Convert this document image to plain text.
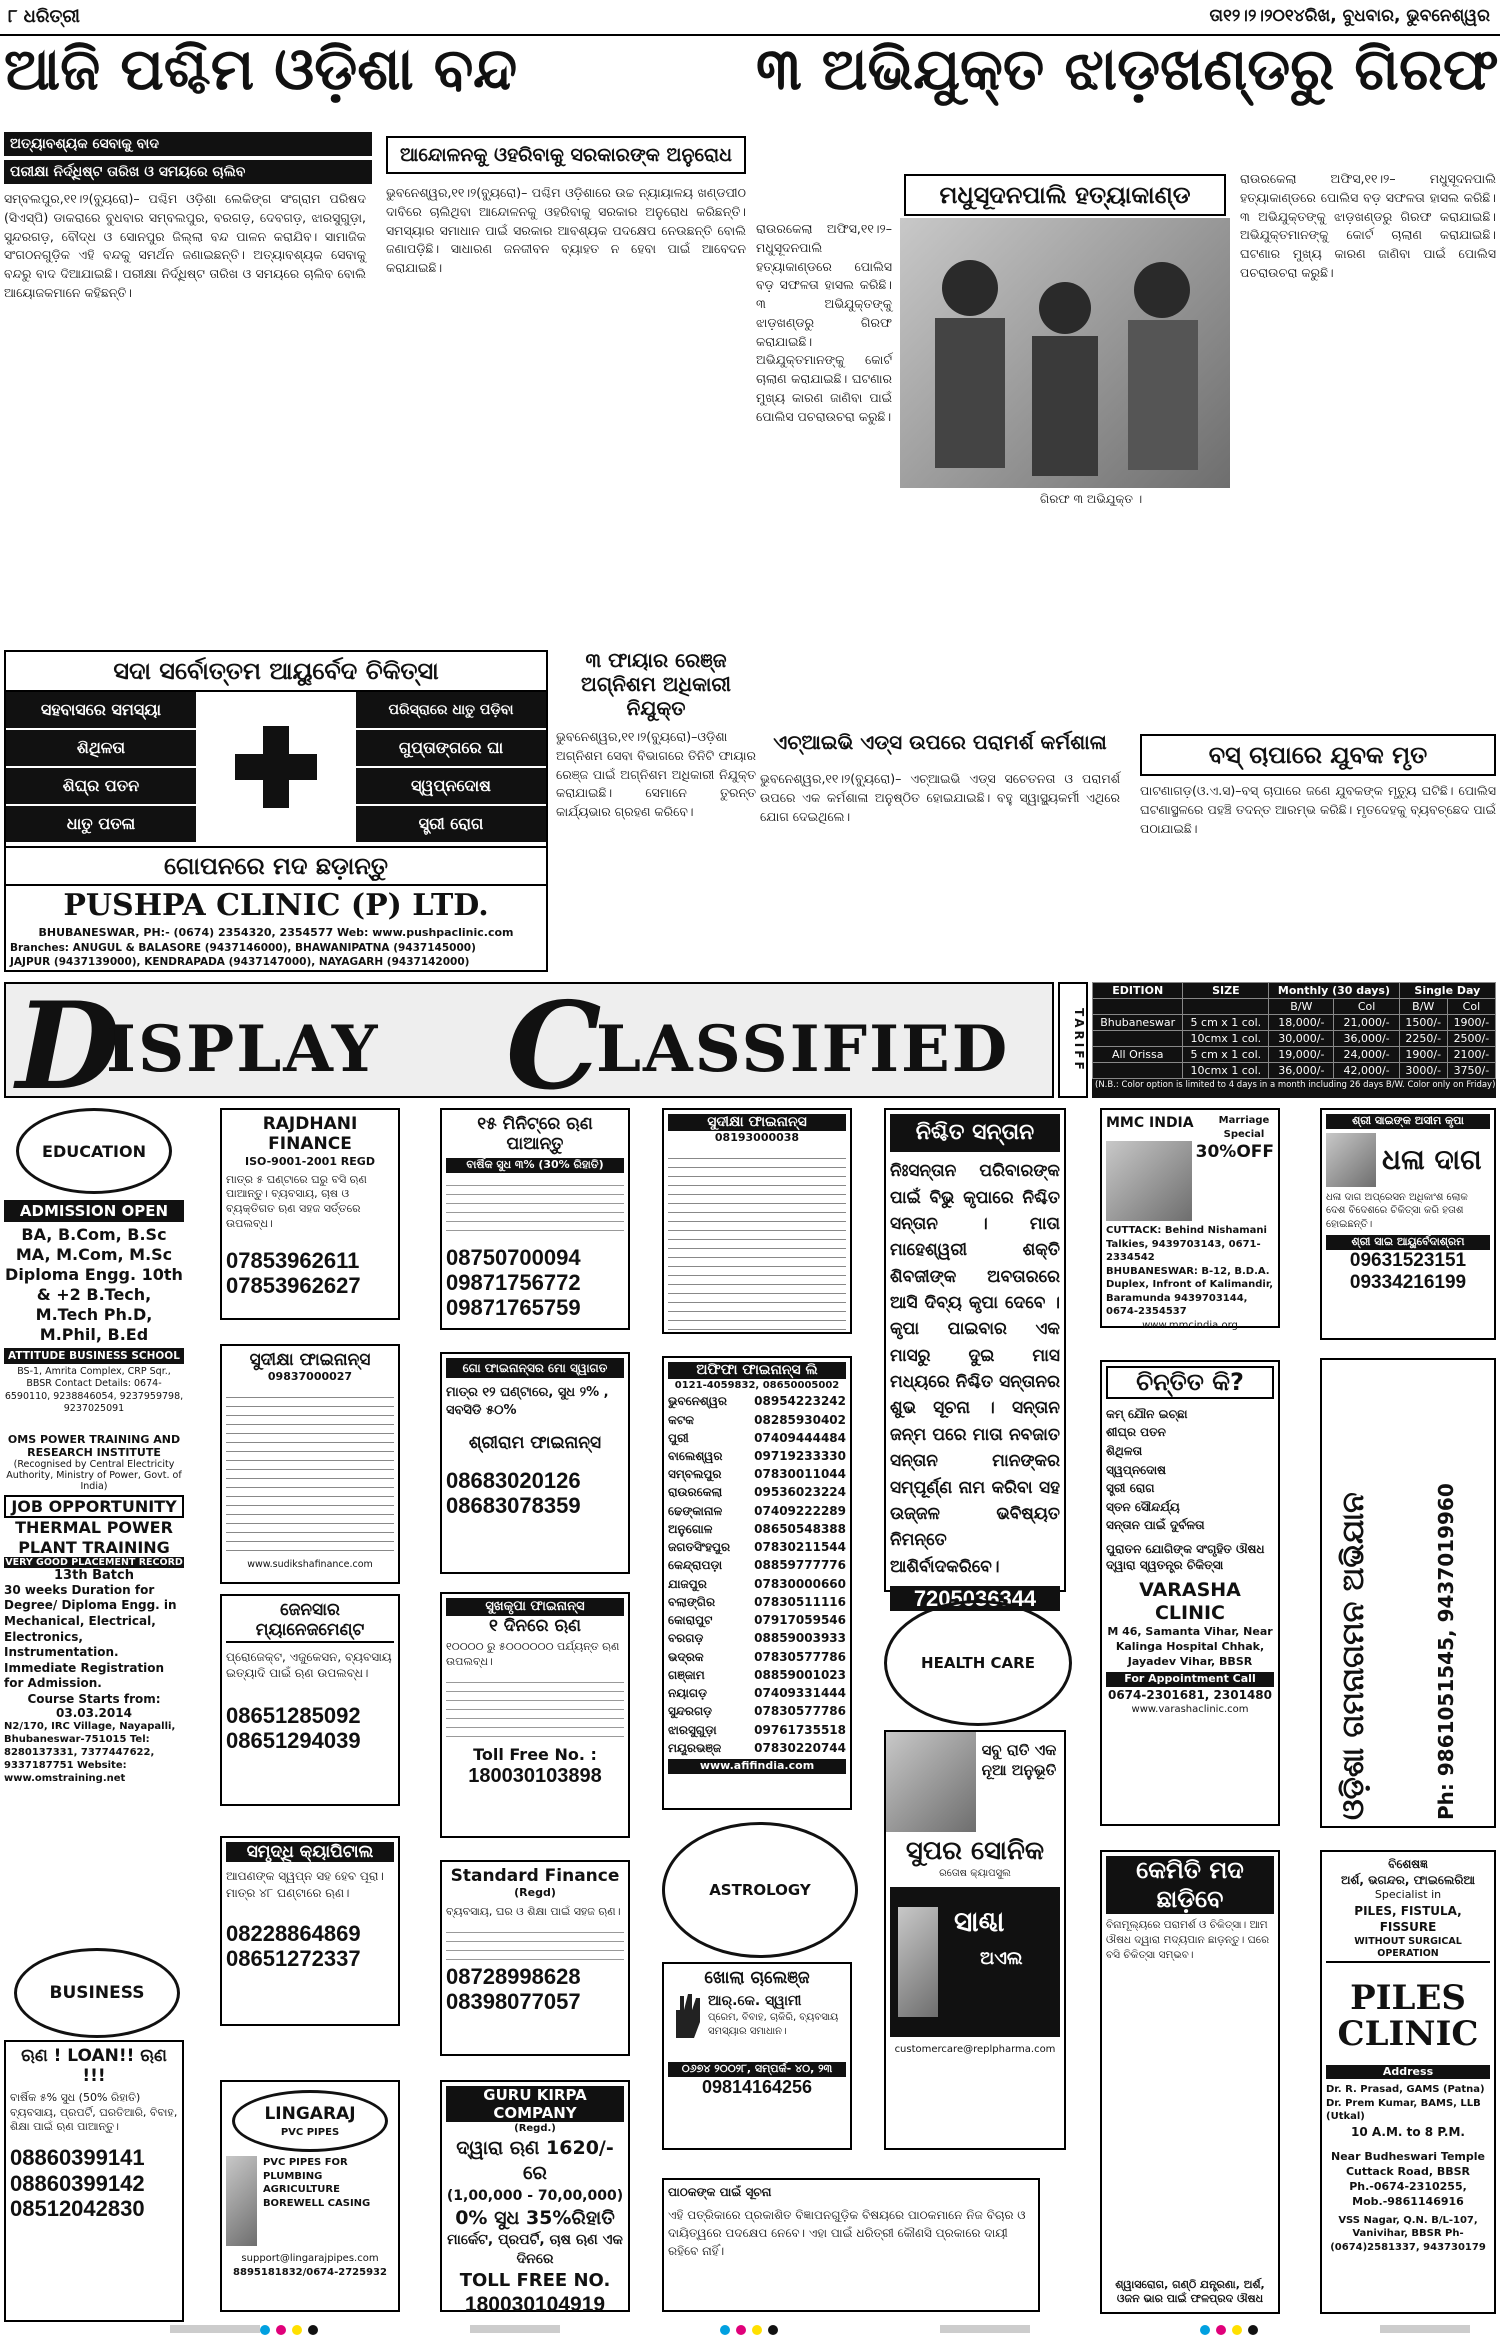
୮ ଧରିତ୍ରୀ	ତା୧୨।୨।୨୦୧୪ରିଖ, ବୁଧବାର, ଭୁବନେଶ୍ୱର
ଆଜି ପଶ୍ଚିମ ଓଡ଼ିଶା ବନ୍ଦ
ଅତ୍ୟାବଶ୍ୟକ ସେବାକୁ ବାଦ
ପରୀକ୍ଷା ନିର୍ଦ୍ଧିଷ୍ଟ ତାରିଖ ଓ ସମୟରେ ଚାଲିବ
ସମ୍ବଲପୁର,୧୧।୨(ବ୍ୟୁରୋ)– ପଶ୍ଚିମ ଓଡ଼ିଶା ଲେକିଙ୍ଗ ସଂଗ୍ରାମ ପରିଷଦ (ସିଏସ୍‌ପି) ଡାକରାରେ ବୁଧବାର ସମ୍ବଲପୁର, ବରଗଡ଼, ଦେବଗଡ଼, ଝାରସୁଗୁଡ଼ା, ସୁନ୍ଦରଗଡ଼, ବୌଦ୍ଧ ଓ ସୋନପୁର ଜିଲ୍ଲା ବନ୍ଦ ପାଳନ କରାଯିବ। ସାମାଜିକ ସଂଗଠନଗୁଡ଼ିକ ଏହି ବନ୍ଦକୁ ସମର୍ଥନ ଜଣାଇଛନ୍ତି। ଅତ୍ୟାବଶ୍ୟକ ସେବାକୁ ବନ୍ଦରୁ ବାଦ ଦିଆଯାଇଛି। ପରୀକ୍ଷା ନିର୍ଦ୍ଧିଷ୍ଟ ତାରିଖ ଓ ସମୟରେ ଚାଲିବ ବୋଲି ଆୟୋଜକମାନେ କହିଛନ୍ତି।
ଆନ୍ଦୋଳନକୁ ଓହରିବାକୁ ସରକାରଙ୍କ ଅନୁରୋଧ
ଭୁବନେଶ୍ୱର,୧୧।୨(ବ୍ୟୁରୋ)– ପଶ୍ଚିମ ଓଡ଼ିଶାରେ ଉଚ୍ଚ ନ୍ୟାୟାଳୟ ଖଣ୍ଡପୀଠ ଦାବିରେ ଚାଲିଥିବା ଆନ୍ଦୋଳନକୁ ଓହରିବାକୁ ସରକାର ଅନୁରୋଧ କରିଛନ୍ତି। ସମସ୍ୟାର ସମାଧାନ ପାଇଁ ସରକାର ଆବଶ୍ୟକ ପଦକ୍ଷେପ ନେଉଛନ୍ତି ବୋଲି ଜଣାପଡ଼ିଛି। ସାଧାରଣ ଜନଜୀବନ ବ୍ୟାହତ ନ ହେବା ପାଇଁ ଆବେଦନ କରାଯାଇଛି।
୩ ଅଭିଯୁକ୍ତ ଝାଡ଼ଖଣ୍ଡରୁ ଗିରଫ
ମଧୁସୂଦନପାଲି ହତ୍ୟାକାଣ୍ଡ
ଗିରଫ ୩ ଅଭିଯୁକ୍ତ ।
ରାଉରକେଲା ଅଫିସ,୧୧।୨– ମଧୁସୂଦନପାଲି ହତ୍ୟାକାଣ୍ଡରେ ପୋଲିସ ବଡ଼ ସଫଳତା ହାସଲ କରିଛି। ୩ ଅଭିଯୁକ୍ତଙ୍କୁ ଝାଡ଼ଖଣ୍ଡରୁ ଗିରଫ କରାଯାଇଛି। ଅଭିଯୁକ୍ତମାନଙ୍କୁ କୋର୍ଟ ଚାଲାଣ କରାଯାଇଛି। ଘଟଣାର ମୁଖ୍ୟ କାରଣ ଜାଣିବା ପାଇଁ ପୋଲିସ ପଚରାଉଚରା କରୁଛି।
ରାଉରକେଲା ଅଫିସ,୧୧।୨– ମଧୁସୂଦନପାଲି ହତ୍ୟାକାଣ୍ଡରେ ପୋଲିସ ବଡ଼ ସଫଳତା ହାସଲ କରିଛି। ୩ ଅଭିଯୁକ୍ତଙ୍କୁ ଝାଡ଼ଖଣ୍ଡରୁ ଗିରଫ କରାଯାଇଛି। ଅଭିଯୁକ୍ତମାନଙ୍କୁ କୋର୍ଟ ଚାଲାଣ କରାଯାଇଛି। ଘଟଣାର ମୁଖ୍ୟ କାରଣ ଜାଣିବା ପାଇଁ ପୋଲିସ ପଚରାଉଚରା କରୁଛି।
୩ ଫାୟାର ରେଞ୍ଜ ଅଗ୍ନିଶମ ଅଧିକାରୀ ନିଯୁକ୍ତ
ଭୁବନେଶ୍ୱର,୧୧।୨(ବ୍ୟୁରୋ)–ଓଡ଼ିଶା ଅଗ୍ନିଶମ ସେବା ବିଭାଗରେ ତିନିଟି ଫାୟାର ରେଞ୍ଜ ପାଇଁ ଅଗ୍ନିଶମ ଅଧିକାରୀ ନିଯୁକ୍ତ କରାଯାଇଛି। ସେମାନେ ତୁରନ୍ତ କାର୍ଯ୍ୟଭାର ଗ୍ରହଣ କରିବେ।
ଏଚ୍‌ଆଇଭି ଏଡ୍‌ସ ଉପରେ ପରାମର୍ଶ କର୍ମଶାଳା
ଭୁବନେଶ୍ୱର,୧୧।୨(ବ୍ୟୁରୋ)– ଏଚ୍‌ଆଇଭି ଏଡ୍‌ସ ସଚେତନତା ଓ ପରାମର୍ଶ ଉପରେ ଏକ କର୍ମଶାଳା ଅନୁଷ୍ଠିତ ହୋଇଯାଇଛି। ବହୁ ସ୍ୱାସ୍ଥ୍ୟକର୍ମୀ ଏଥିରେ ଯୋଗ ଦେଇଥିଲେ।
ବସ୍ ଚାପାରେ ଯୁବକ ମୃତ
ପାଟଣାଗଡ଼(ଓ.ଏ.ସ)–ବସ୍ ଚାପାରେ ଜଣେ ଯୁବକଙ୍କ ମୃତ୍ୟୁ ଘଟିଛି। ପୋଲିସ ଘଟଣାସ୍ଥଳରେ ପହଞ୍ଚି ତଦନ୍ତ ଆରମ୍ଭ କରିଛି। ମୃତଦେହକୁ ବ୍ୟବଚ୍ଛେଦ ପାଇଁ ପଠାଯାଇଛି।
ସଦା ସର୍ବୋତ୍ତମ ଆୟୁର୍ବେଦ ଚିକିତ୍ସା
ସହବାସରେ ସମସ୍ୟା
ଶିଥିଳତା
ଶିଘ୍ର ପତନ
ଧାତୁ ପତଳା
ପରିସ୍ରାରେ ଧାତୁ ପଡ଼ିବା
ଗୁପ୍ତାଙ୍ଗରେ ଘା
ସ୍ୱପ୍ନଦୋଷ
ସ୍ତ୍ରୀ ରୋଗ
ଗୋପନରେ ମଦ ଛଡ଼ାନ୍ତୁ
PUSHPA CLINIC (P) LTD.
BHUBANESWAR, PH:- (0674) 2354320, 2354577 Web: www.pushpaclinic.com
Branches: ANUGUL & BALASORE (9437146000), BHAWANIPATNA (9437145000)
JAJPUR (9437139000), KENDRAPADA (9437147000), NAYAGARH (9437142000)
D
ISPLAY C
LASSIFIED	TARIFF
EDITION	SIZE	Monthly (30 days)		Single Day	
		B/W	Col	B/W	Col
Bhubaneswar	5 cm x 1 col.	18,000/-	21,000/-	1500/-	1900/-
	10cmx 1 col.	30,000/-	36,000/-	2250/-	2500/-
All Orissa	5 cm x 1 col.	19,000/-	24,000/-	1900/-	2100/-
	10cmx 1 col.	36,000/-	42,000/-	3000/-	3750/-
(N.B.: Color option is limited to 4 days in a month including 26 days B/W. Color only on Friday)
EDUCATION
ADMISSION OPEN
BA, B.Com, B.Sc MA, M.Com, M.Sc Diploma Engg. 10th & +2 B.Tech, M.Tech Ph.D, M.Phil, B.Ed
ATTITUDE BUSINESS SCHOOL
BS-1, Amrita Complex, CRP Sqr., BBSR Contact Details: 0674-6590110, 9238846054, 9237959798, 9237025091
OMS POWER TRAINING AND RESEARCH INSTITUTE
(Recognised by Central Electricity Authority, Ministry of Power, Govt. of India)
JOB OPPORTUNITY
THERMAL POWER PLANT TRAINING
VERY GOOD PLACEMENT RECORD
13th Batch
30 weeks Duration for Degree/ Diploma Engg. in Mechanical, Electrical, Electronics, Instrumentation. Immediate Registration for Admission.
Course Starts from: 03.03.2014
N2/170, IRC Village, Nayapalli, Bhubaneswar-751015 Tel: 8280137331, 7377447622, 9337187751 Website: www.omstraining.net
BUSINESS
ଋଣ ! LOAN!! ଋଣ !!!
ବାର୍ଷିକ ୫% ସୁଧ (50% ରିହାତି) ବ୍ୟବସାୟ, ପ୍ରପର୍ଟି, ଘରତିଆରି, ବିବାହ, ଶିକ୍ଷା ପାଇଁ ଋଣ ପାଆନ୍ତୁ।
08860399141
08860399142
08512042830
RAJDHANI FINANCE
ISO-9001-2001 REGD
ମାତ୍ର ୫ ଘଣ୍ଟାରେ ଘରୁ ବସି ଋଣ ପାଆନ୍ତୁ। ବ୍ୟବସାୟ, ଚାଷ ଓ ବ୍ୟକ୍ତିଗତ ଋଣ ସହଜ ସର୍ତ୍ତରେ ଉପଲବ୍ଧ।
07853962611
07853962627
ସୁଦୀକ୍ଷା ଫାଇନାନ୍ସ
09837000027
www.sudikshafinance.com
ଜେନସାର ମ୍ୟାନେଜମେଣ୍ଟ
ପ୍ରୋଜେକ୍ଟ, ଏଜୁକେସନ, ବ୍ୟବସାୟ ଇତ୍ୟାଦି ପାଇଁ ଋଣ ଉପଲବ୍ଧ।
08651285092
08651294039
ସମୃଦ୍ଧି କ୍ୟାପିଟାଲ
ଆପଣଙ୍କ ସ୍ୱପ୍ନ ସହ ହେବ ପୂରା। ମାତ୍ର ୪୮ ଘଣ୍ଟାରେ ଋଣ।
08228864869
08651272337
LINGARAJ
PVC PIPES
PVC PIPES FOR PLUMBING AGRICULTURE BOREWELL CASING
support@lingarajpipes.com
8895181832/0674-2725932
୧୫ ମିନିଟ୍‌ରେ ଋଣ ପାଆନ୍ତୁ
ବାର୍ଷିକ ସୁଧ ୩% (30% ରିହାତି)
08750700094
09871756772
09871765759
ଗୋ ଫାଇନାନ୍ସର ମୋ ସ୍ୱାଗତ
ମାତ୍ର ୧୨ ଘଣ୍ଟାରେ, ସୁଧ ୨% , ସବସିଡି ୫୦%
ଶ୍ରୀରାମ ଫାଇନାନ୍ସ
08683020126
08683078359
ସୁଖକୃପା ଫାଇନାନ୍ସ
୧ ଦିନରେ ଋଣ
୧୦୦୦୦ ରୁ ୫୦୦୦୦୦୦ ପର୍ଯ୍ୟନ୍ତ ଋଣ ଉପଲବ୍ଧ।
Toll Free No. :
180030103898
Standard Finance
(Regd)
ବ୍ୟବସାୟ, ଘର ଓ ଶିକ୍ଷା ପାଇଁ ସହଜ ଋଣ।
08728998628
08398077057
GURU KIRPA COMPANY
(Regd.)
ଦ୍ୱାରା ଋଣ 1620/-ରେ
(1,00,000 - 70,00,000)
0% ସୁଧ 35%ରିହାତି
ମାର୍କେଟ, ପ୍ରପର୍ଟି, ଚାଷ ଋଣ ଏକ ଦିନରେ
TOLL FREE NO.
180030104919
ସୁଦୀକ୍ଷା ଫାଇନାନ୍ସ
08193000038
ଅଫିଫା ଫାଇନାନ୍ସ ଲି
0121-4059832, 08650005002
ଭୁବନେଶ୍ୱର 08954223242
କଟକ	08285930402
ପୁରୀ	07409444484
ବାଲେଶ୍ୱର	09719233330
ସମ୍ବଲପୁର	07830011044
ରାଉରକେଲା	09536023224
ଢେଙ୍କାନାଳ	07409222289
ଅନୁଗୋଳ	08650548388
ଜଗତସିଂହପୁର 07830211544
କେନ୍ଦ୍ରାପଡ଼ା	08859777776
ଯାଜପୁର	07830000660
ବଲାଙ୍ଗିର	07830511116
କୋରାପୁଟ	07917059546
ବରଗଡ଼	08859003933
ଭଦ୍ରକ	07830577786
ଗଞ୍ଜାମ	08859001023
ନୟାଗଡ଼	07409331444
ସୁନ୍ଦରଗଡ଼	07830577786
ଝାରସୁଗୁଡ଼ା	09761735518
ମୟୂରଭଞ୍ଜ	07830220744
www.afifindia.com
ASTROLOGY
ଖୋଲା ଚାଲେଞ୍ଜ
ଆର୍.କେ. ସ୍ୱାମୀ
ପ୍ରେମ, ବିବାହ, ଚାକିରି, ବ୍ୟବସାୟ ସମସ୍ୟାର ସମାଧାନ।
୦୬୭୪ ୨୦୦୨୮, ସମ୍ପର୍କ- ୪୦, ୨୩
09814164256
ପାଠକଙ୍କ ପାଇଁ ସୂଚନା
ଏହି ପତ୍ରିକାରେ ପ୍ରକାଶିତ ବିଜ୍ଞାପନଗୁଡ଼ିକ ବିଷୟରେ ପାଠକମାନେ ନିଜ ବିଚାର ଓ ଦାୟିତ୍ୱରେ ପଦକ୍ଷେପ ନେବେ। ଏହା ପାଇଁ ଧରିତ୍ରୀ କୌଣସି ପ୍ରକାରେ ଦାୟୀ ରହିବେ ନାହିଁ।
ନିଶ୍ଚିତ ସନ୍ତାନ
ନିଃସନ୍ତାନ ପରିବାରଙ୍କ ପାଇଁ ବିଭୁ କୃପାରେ ନିଶ୍ଚିତ ସନ୍ତାନ । ମାତା ମାହେଶ୍ୱରୀ ଶକ୍ତି ଶିବଜୀଙ୍କ ଅବତାରରେ ଆସି ଦିବ୍ୟ କୃପା ଦେବେ । କୃପା ପାଇବାର ଏକ ମାସରୁ ଦୁଇ ମାସ ମଧ୍ୟରେ ନିଶ୍ଚିତ ସନ୍ତାନର ଶୁଭ ସୂଚନା । ସନ୍ତାନ ଜନ୍ମ ପରେ ମାତା ନବଜାତ ସନ୍ତାନ ମାନଙ୍କର ସମ୍ପୂର୍ଣ୍ଣ ନାମ କରିବା ସହ ଉଜ୍ଜଳ ଭବିଷ୍ୟତ ନିମନ୍ତେ ଆଶିର୍ବାଦକରିବେ।
7205036344
HEALTH CARE
ସବୁ ରାତି ଏକ ନୂଆ ଅନୁଭୂତି
ସୁପର ସୋନିକ
ରତୋଷ କ୍ୟାପସୁଲ
ସାଣ୍ଢା
ଅଏଲ
customercare@replpharma.com
MMC INDIA	Marriage Special
30%OFF
CUTTACK: Behind Nishamani Talkies, 9439703143, 0671-2334542
BHUBANESWAR: B-12, B.D.A. Duplex, Infront of Kalimandir, Baramunda 9439703144, 0674-2354537
www.mmcindia.org
ଚିନ୍ତିତ କି?
କମ୍ ଯୌନ ଇଚ୍ଛା
ଶୀଘ୍ର ପତନ
ଶିଥିଳତା
ସ୍ୱପ୍ନଦୋଷ
ସ୍ତ୍ରୀ ରୋଗ
ସ୍ତନ ସୌନ୍ଦର୍ଯ୍ୟ
ସନ୍ତାନ ପାଇଁ ଦୁର୍ବଳତା
ପୁରାତନ ଯୋଗିଙ୍କ ସଂଗୃହିତ ଔଷଧ ଦ୍ୱାରା ସ୍ୱତନ୍ତ୍ର ଚିକିତ୍ସା
VARASHA CLINIC
M 46, Samanta Vihar, Near Kalinga Hospital Chhak, Jayadev Vihar, BBSR
For Appointment Call
0674-2301681, 2301480
www.varashaclinic.com
କେମିତି ମଦ ଛାଡ଼ିବେ
ବିନାମୂଲ୍ୟରେ ପରାମର୍ଶ ଓ ଚିକିତ୍ସା। ଆମ ଔଷଧ ଦ୍ୱାରା ମଦ୍ୟପାନ ଛାଡ଼ନ୍ତୁ। ଘରେ ବସି ଚିକିତ୍ସା ସମ୍ଭବ।
ଶ୍ୱାସରୋଗ, ଗଣ୍ଠି ଯନ୍ତ୍ରଣା, ଅର୍ଶ, ଓଜନ ଭାର ପାଇଁ ଫଳପ୍ରଦ ଔଷଧ
ଶ୍ରୀ ସାଇଙ୍କ ଅସୀମ କୃପା
ଧଳା ଦାଗ
ଧଳା ଦାଗ ଅପ୍ରେସନ ଅଧିକାଂଶ ଲୋକ ଦେଶ ବିଦେଶରେ ଚିକିତ୍ସା କରି ହତାଶ ହୋଇଛନ୍ତି।
ଶ୍ରୀ ସାଇ ଆୟୁର୍ବେଦାଶ୍ରମ
09631523151
09334216199
ଓଡ଼ିଶା ଗମନାଗମନ ଅଭିଯାନ	Ph: 9861051545, 9437019960
ବିଶେଷଜ୍ଞ
ଅର୍ଶ, ଭଗନ୍ଦର, ଫାଇଲେରିଆ
Specialist in
PILES, FISTULA, FISSURE
WITHOUT SURGICAL OPERATION
PILES
CLINIC
Address
Dr. R. Prasad, GAMS (Patna)
Dr. Prem Kumar, BAMS, LLB (Utkal)
10 A.M. to 8 P.M.
Near Budheswari Temple Cuttack Road, BBSR Ph.-0674-2310255, Mob.-9861146916
VSS Nagar, Q.N. B/L-107, Vanivihar, BBSR Ph-(0674)2581337, 943730179
